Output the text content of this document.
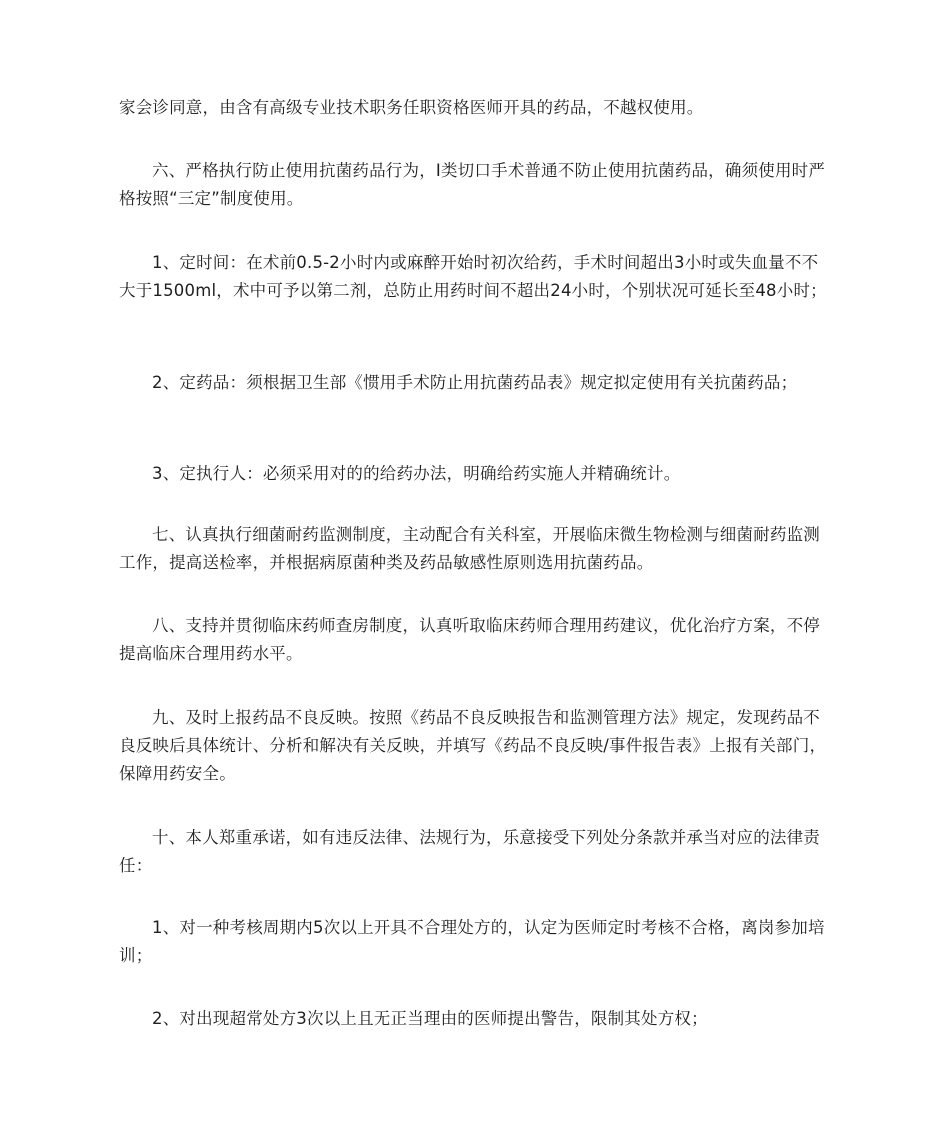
家会诊同意，由含有高级专业技术职务任职资格医师开具的药品，不越权使用。

六、严格执行防止使用抗菌药品行为，Ⅰ类切口手术普通不防止使用抗菌药品，确须使用时严格按照“三定”制度使用。

1、定时间：在术前0.5-2小时内或麻醉开始时初次给药，手术时间超出3小时或失血量不不大于1500ml，术中可予以第二剂，总防止用药时间不超出24小时，个别状况可延长至48小时；

2、定药品：须根据卫生部《惯用手术防止用抗菌药品表》规定拟定使用有关抗菌药品；

3、定执行人：必须采用对的的给药办法，明确给药实施人并精确统计。

七、认真执行细菌耐药监测制度，主动配合有关科室，开展临床微生物检测与细菌耐药监测工作，提高送检率，并根据病原菌种类及药品敏感性原则选用抗菌药品。

八、支持并贯彻临床药师查房制度，认真听取临床药师合理用药建议，优化治疗方案，不停提高临床合理用药水平。

九、及时上报药品不良反映。按照《药品不良反映报告和监测管理方法》规定，发现药品不良反映后具体统计、分析和解决有关反映，并填写《药品不良反映/事件报告表》上报有关部门，保障用药安全。

十、本人郑重承诺，如有违反法律、法规行为，乐意接受下列处分条款并承当对应的法律责任：

1、对一种考核周期内5次以上开具不合理处方的，认定为医师定时考核不合格，离岗参加培训；

2、对出现超常处方3次以上且无正当理由的医师提出警告，限制其处方权；
